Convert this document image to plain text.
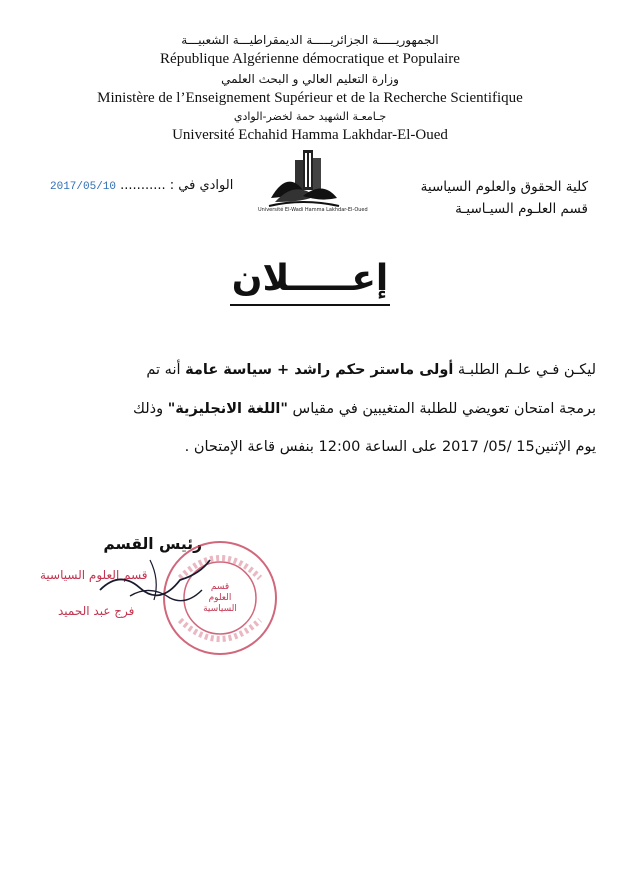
الجمهوريـــــة الجزائريـــــة الديمقراطيـــة الشعبيـــة
République Algérienne démocratique et Populaire
وزارة التعليم العالي و البحث العلمي
Ministère de l’Enseignement Supérieur et de la Recherche Scientifique
جـامعـة الشهيد حمة لخضر-الوادي
Université Echahid Hamma Lakhdar-El-Oued
كلية الحقوق والعلوم السياسية
قسم العلـوم السيـاسيـة
Université El-Wadi Hamma Lakhdar-El-Oued
2017/05/10 الوادي في : ...........
إعـــــلان
ليكـن فـي علـم الطلبـة أولى ماستر حكم راشد + سياسة عامة أنه تم
برمجة امتحان تعويضي للطلبة المتغيبين في مقياس "اللغة الانجليزية" وذلك
يوم الإثنين15 /05/ 2017 على الساعة 12:00 بنفس قاعة الإمتحان .
رئيس القسم
قسم
العلوم
السياسية
قسم العلوم السياسية
فرج عبد الحميد
